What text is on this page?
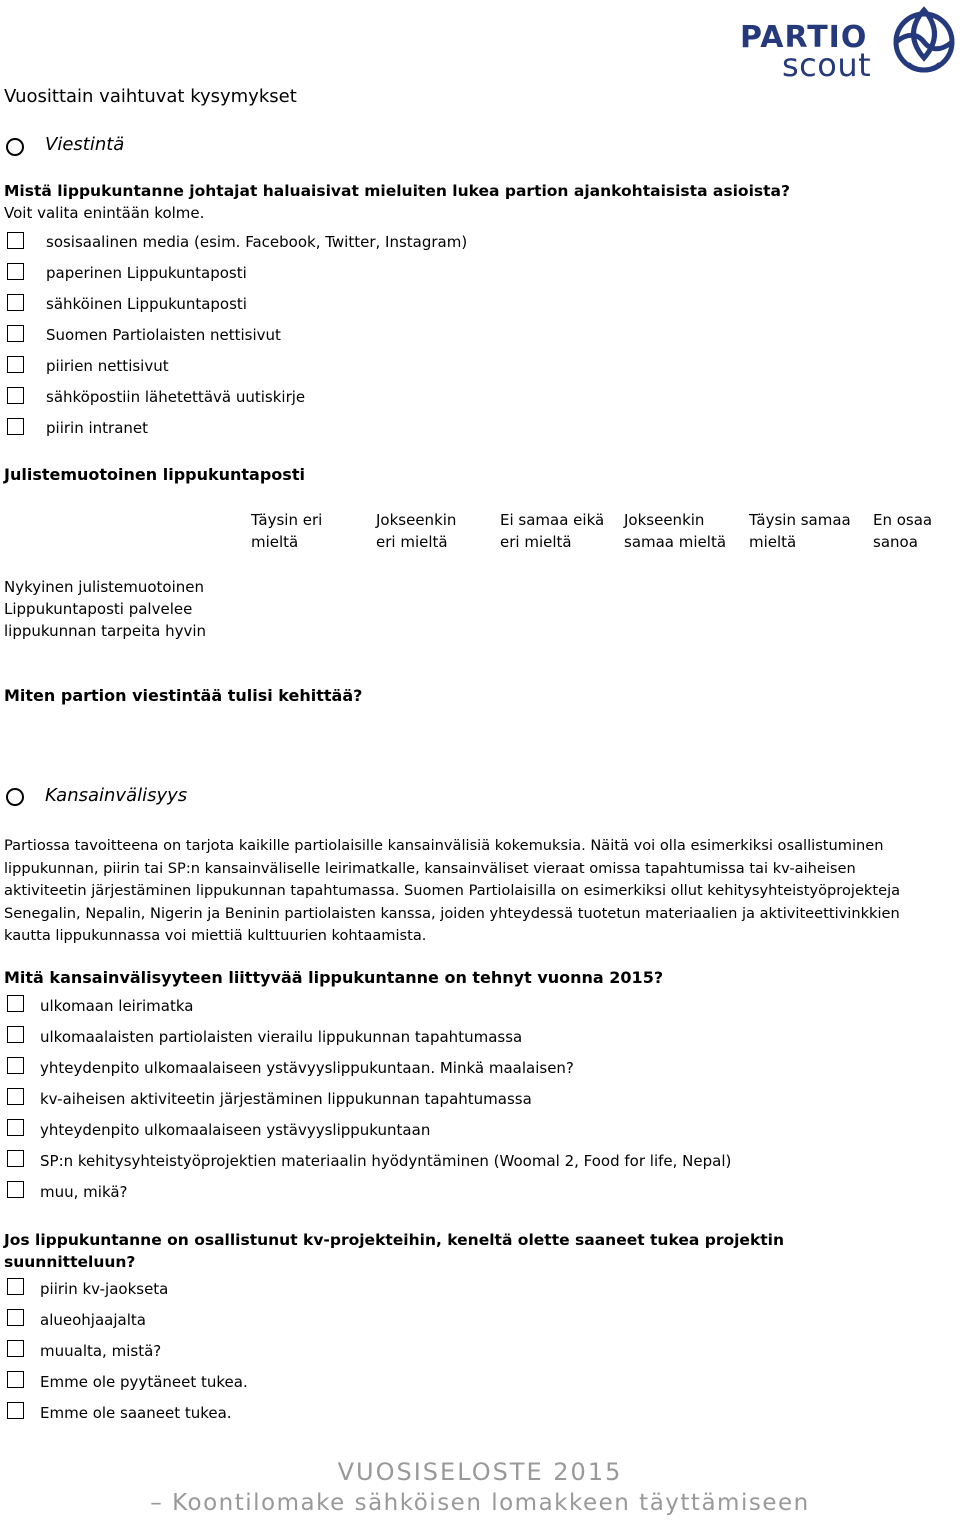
PARTIO
scout
Vuosittain vaihtuvat kysymykset
Viestintä
Mistä lippukuntanne johtajat haluaisivat mieluiten lukea partion ajankohtaisista asioista?
Voit valita enintään kolme.
sosisaalinen media (esim. Facebook, Twitter, Instagram)
paperinen Lippukuntaposti
sähköinen Lippukuntaposti
Suomen Partiolaisten nettisivut
piirien nettisivut
sähköpostiin lähetettävä uutiskirje
piirin intranet
Julistemuotoinen lippukuntaposti
Täysin eri
mieltä
Jokseenkin
eri mieltä
Ei samaa eikä
eri mieltä
Jokseenkin
samaa mieltä
Täysin samaa
mieltä
En osaa
sanoa
Nykyinen julistemuotoinen
Lippukuntaposti palvelee
lippukunnan tarpeita hyvin
Miten partion viestintää tulisi kehittää?
Kansainvälisyys
Partiossa tavoitteena on tarjota kaikille partiolaisille kansainvälisiä kokemuksia. Näitä voi olla esimerkiksi osallistuminen
lippukunnan, piirin tai SP:n kansainväliselle leirimatkalle, kansainväliset vieraat omissa tapahtumissa tai kv-aiheisen
aktiviteetin järjestäminen lippukunnan tapahtumassa. Suomen Partiolaisilla on esimerkiksi ollut kehitysyhteistyöprojekteja
Senegalin, Nepalin, Nigerin ja Beninin partiolaisten kanssa, joiden yhteydessä tuotetun materiaalien ja aktiviteettivinkkien
kautta lippukunnassa voi miettiä kulttuurien kohtaamista.
Mitä kansainvälisyyteen liittyvää lippukuntanne on tehnyt vuonna 2015?
ulkomaan leirimatka
ulkomaalaisten partiolaisten vierailu lippukunnan tapahtumassa
yhteydenpito ulkomaalaiseen ystävyyslippukuntaan. Minkä maalaisen?
kv-aiheisen aktiviteetin järjestäminen lippukunnan tapahtumassa
yhteydenpito ulkomaalaiseen ystävyyslippukuntaan
SP:n kehitysyhteistyöprojektien materiaalin hyödyntäminen (Woomal 2, Food for life, Nepal)
muu, mikä?
Jos lippukuntanne on osallistunut kv-projekteihin, keneltä olette saaneet tukea projektin
suunnitteluun?
piirin kv-jaokseta
alueohjaajalta
muualta, mistä?
Emme ole pyytäneet tukea.
Emme ole saaneet tukea.
VUOSISELOSTE 2015
– Koontilomake sähköisen lomakkeen täyttämiseen
